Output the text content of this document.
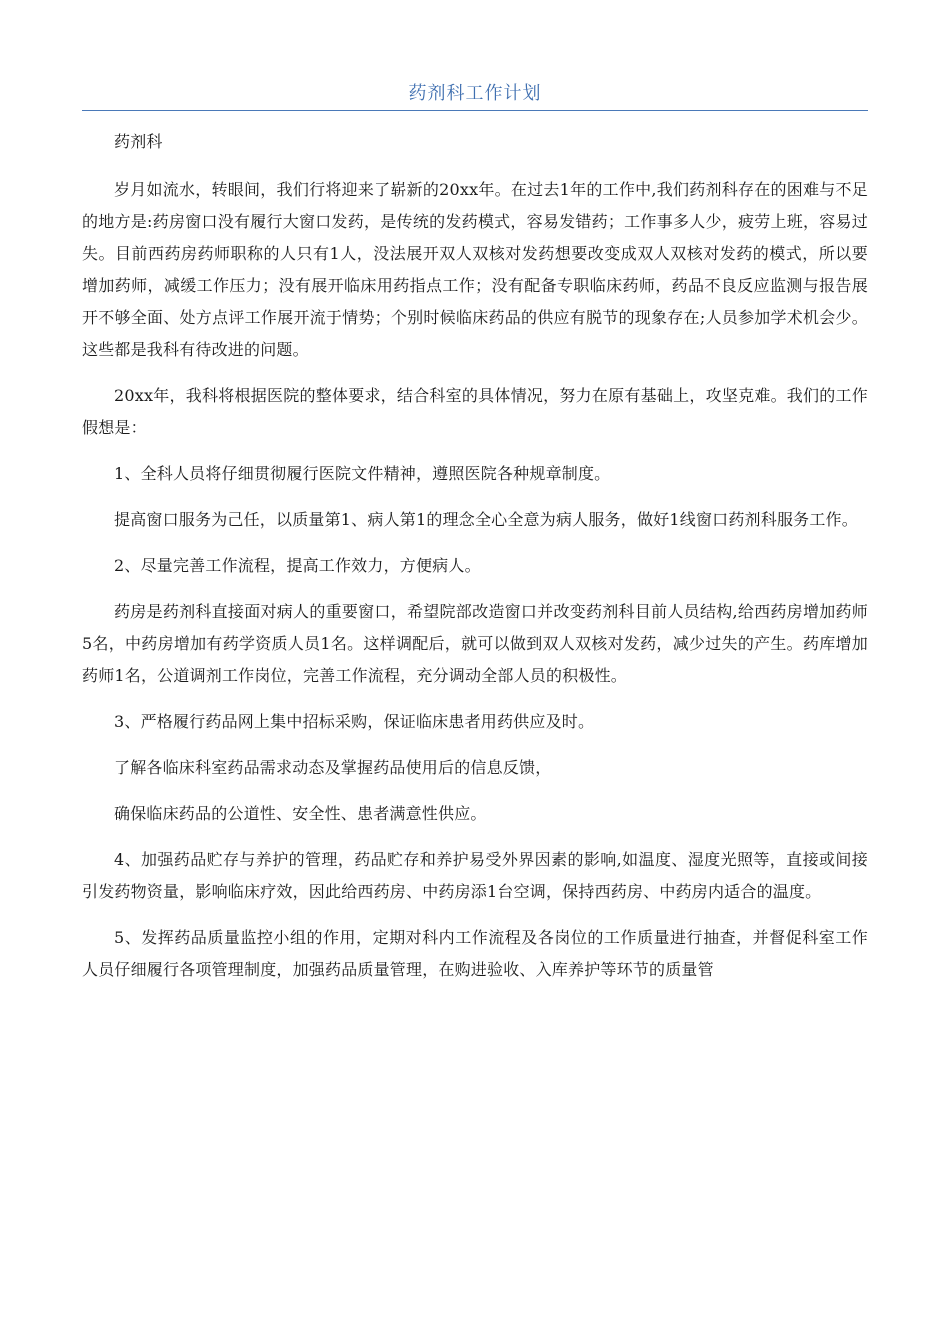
药剂科工作计划

药剂科

岁月如流水，转眼间，我们行将迎来了崭新的20xx年。在过去1年的工作中,我们药剂科存在的困难与不足的地方是:药房窗口没有履行大窗口发药，是传统的发药模式，容易发错药；工作事多人少，疲劳上班，容易过失。目前西药房药师职称的人只有1人，没法展开双人双核对发药想要改变成双人双核对发药的模式，所以要增加药师，减缓工作压力；没有展开临床用药指点工作；没有配备专职临床药师，药品不良反应监测与报告展开不够全面、处方点评工作展开流于情势；个别时候临床药品的供应有脱节的现象存在;人员参加学术机会少。这些都是我科有待改进的问题。

20xx年，我科将根据医院的整体要求，结合科室的具体情况，努力在原有基础上，攻坚克难。我们的工作假想是：

1、全科人员将仔细贯彻履行医院文件精神，遵照医院各种规章制度。

提高窗口服务为己任，以质量第1、病人第1的理念全心全意为病人服务，做好1线窗口药剂科服务工作。

2、尽量完善工作流程，提高工作效力，方便病人。

药房是药剂科直接面对病人的重要窗口，希望院部改造窗口并改变药剂科目前人员结构,给西药房增加药师5名，中药房增加有药学资质人员1名。这样调配后，就可以做到双人双核对发药，减少过失的产生。药库增加药师1名，公道调剂工作岗位，完善工作流程，充分调动全部人员的积极性。

3、严格履行药品网上集中招标采购，保证临床患者用药供应及时。

了解各临床科室药品需求动态及掌握药品使用后的信息反馈，

确保临床药品的公道性、安全性、患者满意性供应。

4、加强药品贮存与养护的管理，药品贮存和养护易受外界因素的影响,如温度、湿度光照等，直接或间接引发药物资量，影响临床疗效，因此给西药房、中药房添1台空调，保持西药房、中药房内适合的温度。

5、发挥药品质量监控小组的作用，定期对科内工作流程及各岗位的工作质量进行抽查，并督促科室工作人员仔细履行各项管理制度，加强药品质量管理，在购进验收、入库养护等环节的质量管
